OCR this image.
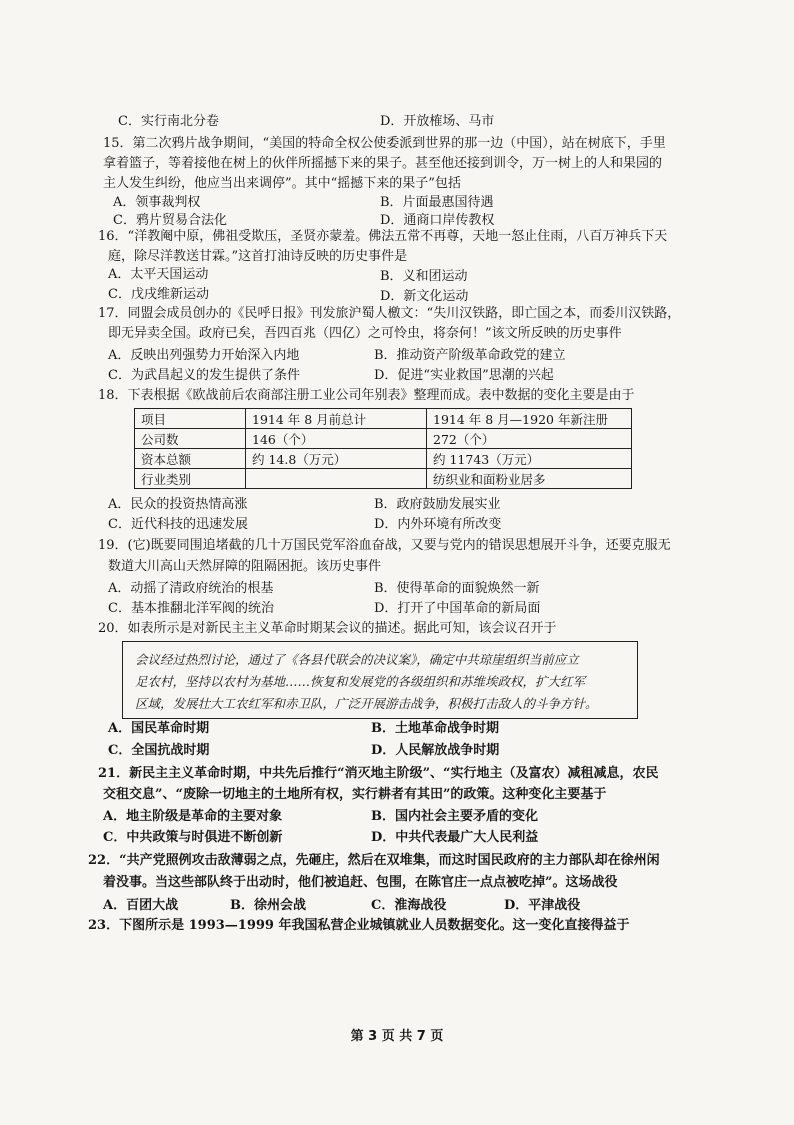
C．实行南北分卷	D．开放榷场、马市
15．第二次鸦片战争期间，“美国的特命全权公使委派到世界的那一边（中国），站在树底下，手里
拿着篮子，等着接他在树上的伙伴所摇撼下来的果子。甚至他还接到训令，万一树上的人和果园的
主人发生纠纷，他应当出来调停”。其中“摇撼下来的果子”包括
A．领事裁判权	B．片面最惠国待遇
C．鸦片贸易合法化	D．通商口岸传教权
16．“洋教阉中原，佛祖受欺压，圣贤亦蒙羞。佛法五常不再尊，天地一怒止住雨，八百万神兵下天
庭，除尽洋教送甘霖。”这首打油诗反映的历史事件是
A．太平天国运动	B．义和团运动
C．戊戌维新运动	D．新文化运动
17．同盟会成员创办的《民呼日报》刊发旅沪蜀人檄文：“失川汉铁路，即亡国之本，而委川汉铁路，
即无异卖全国。政府已矣，吾四百兆（四亿）之可怜虫，将奈何！”该文所反映的历史事件
A．反映出列强势力开始深入内地	B．推动资产阶级革命政党的建立
C．为武昌起义的发生提供了条件	D．促进“实业救国”思潮的兴起
18．下表根据《欧战前后农商部注册工业公司年别表》整理而成。表中数据的变化主要是由于
项目	1914 年 8 月前总计	1914 年 8 月—1920 年新注册
公司数	146（个）	272（个）
资本总额	约 14.8（万元）	约 11743（万元）
行业类别		纺织业和面粉业居多
A．民众的投资热情高涨	B．政府鼓励发展实业
C．近代科技的迅速发展	D．内外环境有所改变
19．(它)既要同围追堵截的几十万国民党军浴血奋战，又要与党内的错误思想展开斗争，还要克服无
数道大川高山天然屏障的阻隔困扼。该历史事件
A．动摇了清政府统治的根基	B．使得革命的面貌焕然一新
C．基本推翻北洋军阀的统治	D．打开了中国革命的新局面
20．如表所示是对新民主主义革命时期某会议的描述。据此可知，该会议召开于
会议经过热烈讨论，通过了《各县代联会的决议案》，确定中共琼崖组织当前应立
足农村，坚持以农村为基地……恢复和发展党的各级组织和苏维埃政权，扩大红军
区域，发展壮大工农红军和赤卫队，广泛开展游击战争，积极打击敌人的斗争方针。
A．国民革命时期	B．土地革命战争时期
C．全国抗战时期	D．人民解放战争时期
21．新民主主义革命时期，中共先后推行“消灭地主阶级”、“实行地主（及富农）减租减息，农民
交租交息”、“废除一切地主的土地所有权，实行耕者有其田”的政策。这种变化主要基于
A．地主阶级是革命的主要对象	B．国内社会主要矛盾的变化
C．中共政策与时俱进不断创新	D．中共代表最广大人民利益
22．“共产党照例攻击敌薄弱之点，先砸庄，然后在双堆集，而这时国民政府的主力部队却在徐州闲
着没事。当这些部队终于出动时，他们被追赶、包围，在陈官庄一点点被吃掉”。这场战役
A．百团大战	B．徐州会战	C．淮海战役	D．平津战役
23．下图所示是 1993—1999 年我国私营企业城镇就业人员数据变化。这一变化直接得益于
第 3 页 共 7 页
